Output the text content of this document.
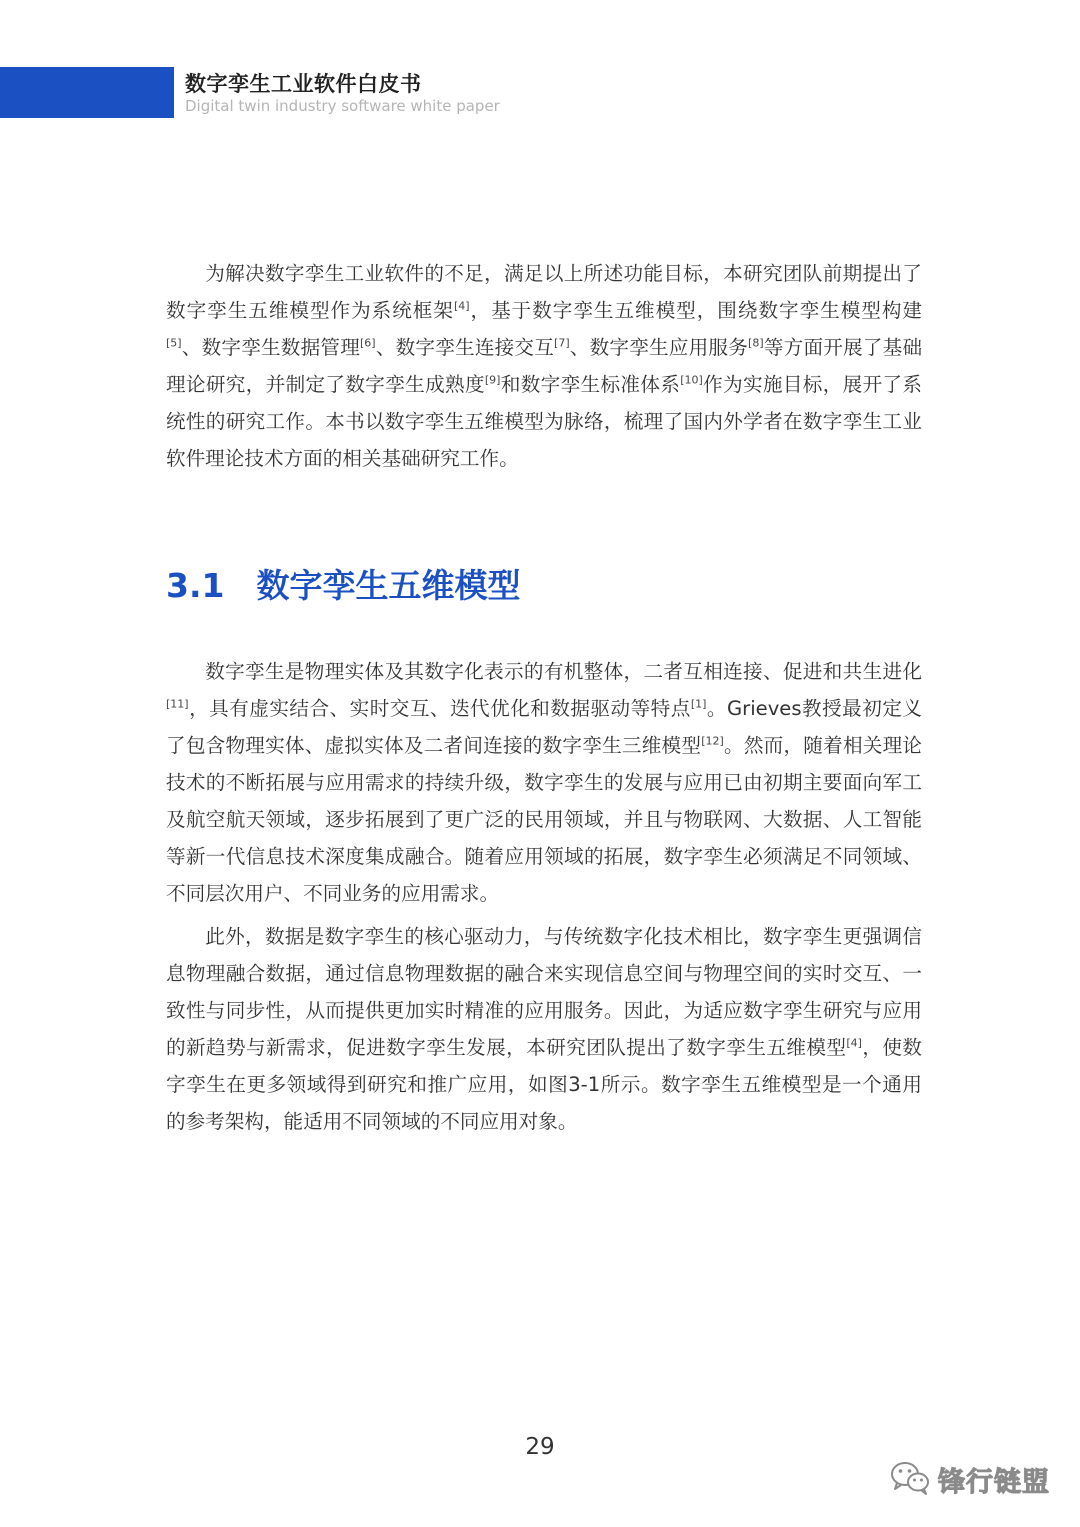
数字孪生工业软件白皮书
Digital twin industry software white paper

为解决数字孪生工业软件的不足，满足以上所述功能目标，本研究团队前期提出了数字孪生五维模型作为系统框架[4]，基于数字孪生五维模型，围绕数字孪生模型构建[5]、数字孪生数据管理[6]、数字孪生连接交互[7]、数字孪生应用服务[8]等方面开展了基础理论研究，并制定了数字孪生成熟度[9]和数字孪生标准体系[10]作为实施目标，展开了系统性的研究工作。本书以数字孪生五维模型为脉络，梳理了国内外学者在数字孪生工业软件理论技术方面的相关基础研究工作。

3.1 数字孪生五维模型

数字孪生是物理实体及其数字化表示的有机整体，二者互相连接、促进和共生进化[11]，具有虚实结合、实时交互、迭代优化和数据驱动等特点[1]。Grieves教授最初定义了包含物理实体、虚拟实体及二者间连接的数字孪生三维模型[12]。然而，随着相关理论技术的不断拓展与应用需求的持续升级，数字孪生的发展与应用已由初期主要面向军工及航空航天领域，逐步拓展到了更广泛的民用领域，并且与物联网、大数据、人工智能等新一代信息技术深度集成融合。随着应用领域的拓展，数字孪生必须满足不同领域、不同层次用户、不同业务的应用需求。

此外，数据是数字孪生的核心驱动力，与传统数字化技术相比，数字孪生更强调信息物理融合数据，通过信息物理数据的融合来实现信息空间与物理空间的实时交互、一致性与同步性，从而提供更加实时精准的应用服务。因此，为适应数字孪生研究与应用的新趋势与新需求，促进数字孪生发展，本研究团队提出了数字孪生五维模型[4]，使数字孪生在更多领域得到研究和推广应用，如图3-1所示。数字孪生五维模型是一个通用的参考架构，能适用不同领域的不同应用对象。

29
锋行链盟
